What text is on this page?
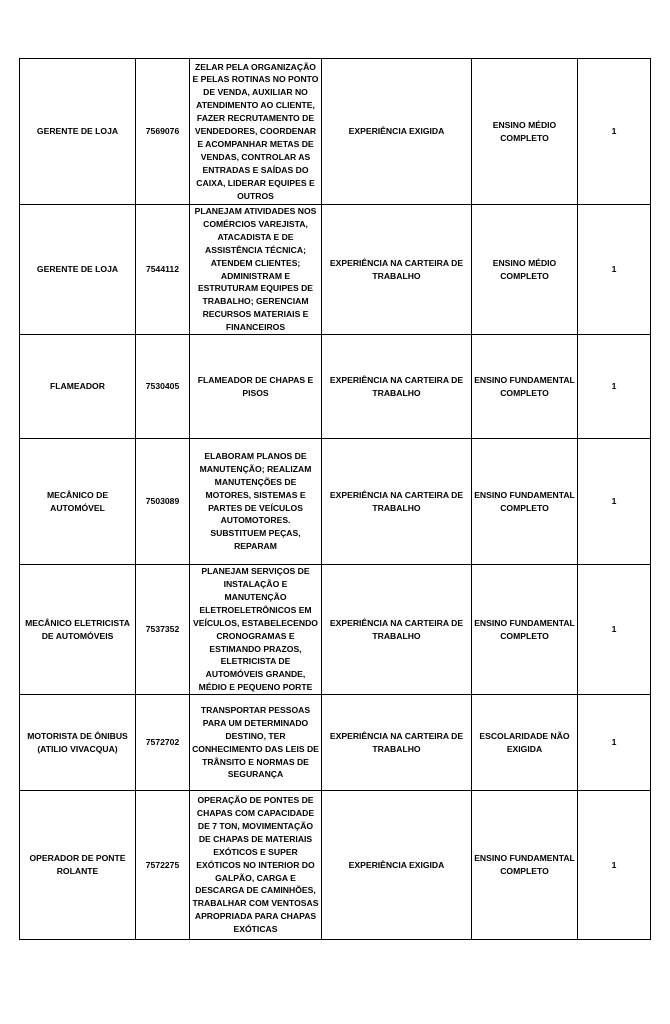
GERENTE DE LOJA	7569076	ZELAR PELA ORGANIZAÇÃO E PELAS ROTINAS NO PONTO DE VENDA, AUXILIAR NO ATENDIMENTO AO CLIENTE, FAZER RECRUTAMENTO DE VENDEDORES, COORDENAR E ACOMPANHAR METAS DE VENDAS, CONTROLAR AS ENTRADAS E SAÍDAS DO CAIXA, LIDERAR EQUIPES E OUTROS	EXPERIÊNCIA EXIGIDA	ENSINO MÉDIO COMPLETO	1
GERENTE DE LOJA	7544112	PLANEJAM ATIVIDADES NOS COMÉRCIOS VAREJISTA, ATACADISTA E DE ASSISTÊNCIA TÉCNICA; ATENDEM CLIENTES; ADMINISTRAM E ESTRUTURAM EQUIPES DE TRABALHO; GERENCIAM RECURSOS MATERIAIS E FINANCEIROS	EXPERIÊNCIA NA CARTEIRA DE TRABALHO	ENSINO MÉDIO COMPLETO	1
FLAMEADOR	7530405	FLAMEADOR DE CHAPAS E PISOS	EXPERIÊNCIA NA CARTEIRA DE TRABALHO	ENSINO FUNDAMENTAL COMPLETO	1
MECÂNICO DE AUTOMÓVEL	7503089	ELABORAM PLANOS DE MANUTENÇÃO; REALIZAM MANUTENÇÕES DE MOTORES, SISTEMAS E PARTES DE VEÍCULOS AUTOMOTORES. SUBSTITUEM PEÇAS, REPARAM	EXPERIÊNCIA NA CARTEIRA DE TRABALHO	ENSINO FUNDAMENTAL COMPLETO	1
MECÂNICO ELETRICISTA DE AUTOMÓVEIS	7537352	PLANEJAM SERVIÇOS DE INSTALAÇÃO E MANUTENÇÃO ELETROELETRÔNICOS EM VEÍCULOS, ESTABELECENDO CRONOGRAMAS E ESTIMANDO PRAZOS, ELETRICISTA DE AUTOMÓVEIS GRANDE, MÉDIO E PEQUENO PORTE	EXPERIÊNCIA NA CARTEIRA DE TRABALHO	ENSINO FUNDAMENTAL COMPLETO	1
MOTORISTA DE ÔNIBUS (ATILIO VIVACQUA)	7572702	TRANSPORTAR PESSOAS PARA UM DETERMINADO DESTINO, TER CONHECIMENTO DAS LEIS DE TRÂNSITO E NORMAS DE SEGURANÇA	EXPERIÊNCIA NA CARTEIRA DE TRABALHO	ESCOLARIDADE NÃO EXIGIDA	1
OPERADOR DE PONTE ROLANTE	7572275	OPERAÇÃO DE PONTES DE CHAPAS COM CAPACIDADE DE 7 TON, MOVIMENTAÇÃO DE CHAPAS DE MATERIAIS EXÓTICOS E SUPER EXÓTICOS NO INTERIOR DO GALPÃO, CARGA E DESCARGA DE CAMINHÕES, TRABALHAR COM VENTOSAS APROPRIADA PARA CHAPAS EXÓTICAS	EXPERIÊNCIA EXIGIDA	ENSINO FUNDAMENTAL COMPLETO	1
